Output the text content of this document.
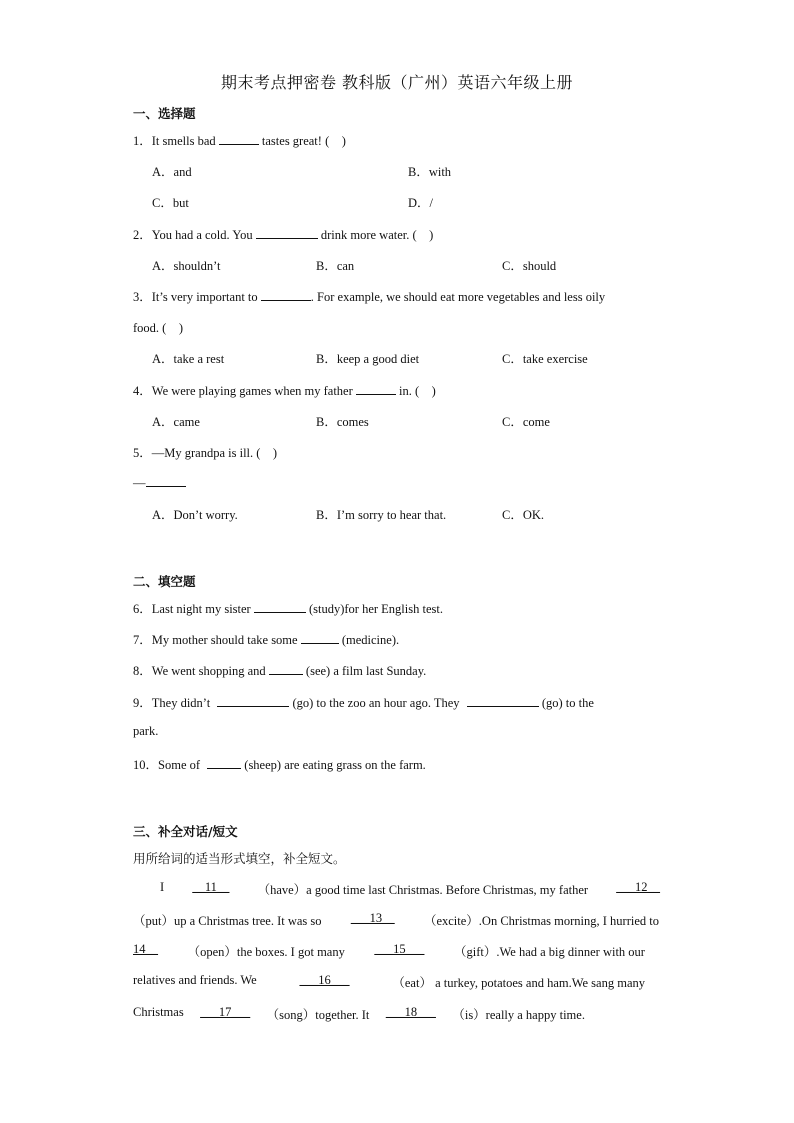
期末考点押密卷 教科版（广州）英语六年级上册
一、选择题
1．It smells bad	tastes great! (　)
A．and	B．with
C．but	D．/
2．You had a cold. You	drink more water. (　)
A．shouldn’t	B．can	C．should
3．It’s very important to	. For example, we should eat more vegetables and less oily
food. (　)
A．take a rest	B．keep a good diet	C．take exercise
4．We were playing games when my father	in. (　)
A．came	B．comes	C．come
5．—My grandpa is ill. (　)
—
A．Don’t worry.	B．I’m sorry to hear that.	C．OK.
二、填空题
6．Last night my sister	(study)for her English test.
7．My mother should take some	(medicine).
8．We went shopping and	(see) a film last Sunday.
9．They didn’t	(go) to the zoo an hour ago. They	(go) to the
park.
10．Some of	(sheep) are eating grass on the farm.
三、补全对话/短文
用所给词的适当形式填空，补全短文。
I __11__ （have）a good time last Christmas. Before Christmas, my father ___12__
（put）up a Christmas tree. It was so ___13__ （excite）.On Christmas morning, I hurried to
14__ （open）the boxes. I got many ___15___ （gift）.We had a big dinner with our
relatives and friends. We	___16___	（eat） a turkey, potatoes and ham.We sang many
Christmas ___17___ （song）together. It ___18___ （is）really a happy time.
